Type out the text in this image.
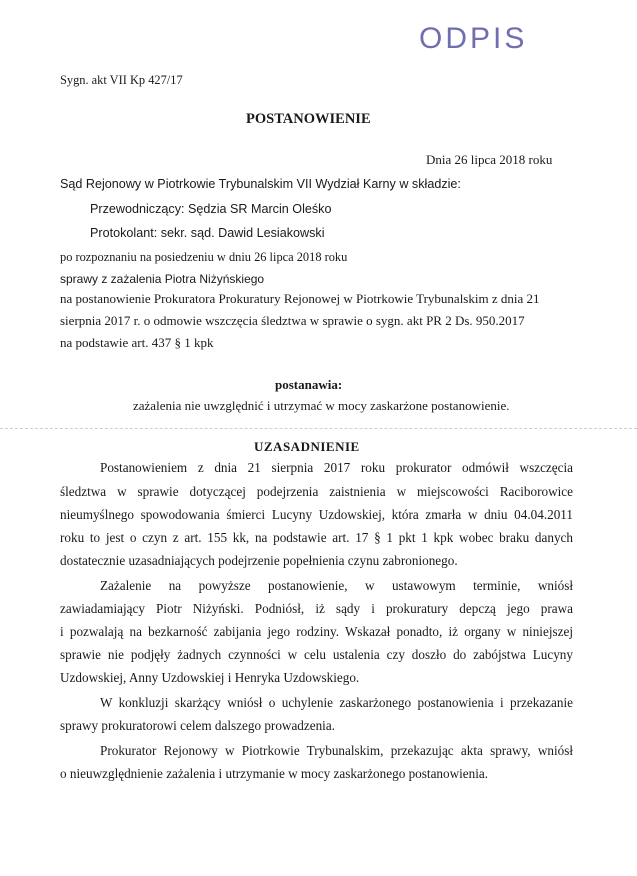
ODPIS
Sygn. akt VII Kp 427/17
POSTANOWIENIE
Dnia 26 lipca 2018 roku
Sąd Rejonowy w Piotrkowie Trybunalskim VII Wydział Karny w składzie:
Przewodniczący: Sędzia SR Marcin Oleśko
Protokolant: sekr. sąd. Dawid Lesiakowski
po rozpoznaniu na posiedzeniu w dniu 26 lipca 2018 roku
sprawy z zażalenia Piotra Niżyńskiego
na postanowienie Prokuratora Prokuratury Rejonowej w Piotrkowie Trybunalskim z dnia 21
sierpnia 2017 r. o odmowie wszczęcia śledztwa w sprawie o sygn. akt PR 2 Ds. 950.2017
na podstawie art. 437 § 1 kpk
postanawia:
zażalenia nie uwzględnić i utrzymać w mocy zaskarżone postanowienie.
UZASADNIENIE
Postanowieniem z dnia 21 sierpnia 2017 roku prokurator odmówił wszczęcia
śledztwa w sprawie dotyczącej podejrzenia zaistnienia w miejscowości Raciborowice
nieumyślnego spowodowania śmierci Lucyny Uzdowskiej, która zmarła w dniu 04.04.2011
roku to jest o czyn z art. 155 kk, na podstawie art. 17 § 1 pkt 1 kpk wobec braku danych
dostatecznie uzasadniających podejrzenie popełnienia czynu zabronionego.
Zażalenie na powyższe postanowienie, w ustawowym terminie, wniósł
zawiadamiający Piotr Niżyński. Podniósł, iż sądy i prokuratury depczą jego prawa
i pozwalają na bezkarność zabijania jego rodziny. Wskazał ponadto, iż organy w niniejszej
sprawie nie podjęły żadnych czynności w celu ustalenia czy doszło do zabójstwa Lucyny
Uzdowskiej, Anny Uzdowskiej i Henryka Uzdowskiego.
W konkluzji skarżący wniósł o uchylenie zaskarżonego postanowienia i przekazanie
sprawy prokuratorowi celem dalszego prowadzenia.
Prokurator Rejonowy w Piotrkowie Trybunalskim, przekazując akta sprawy, wniósł
o nieuwzględnienie zażalenia i utrzymanie w mocy zaskarżonego postanowienia.
